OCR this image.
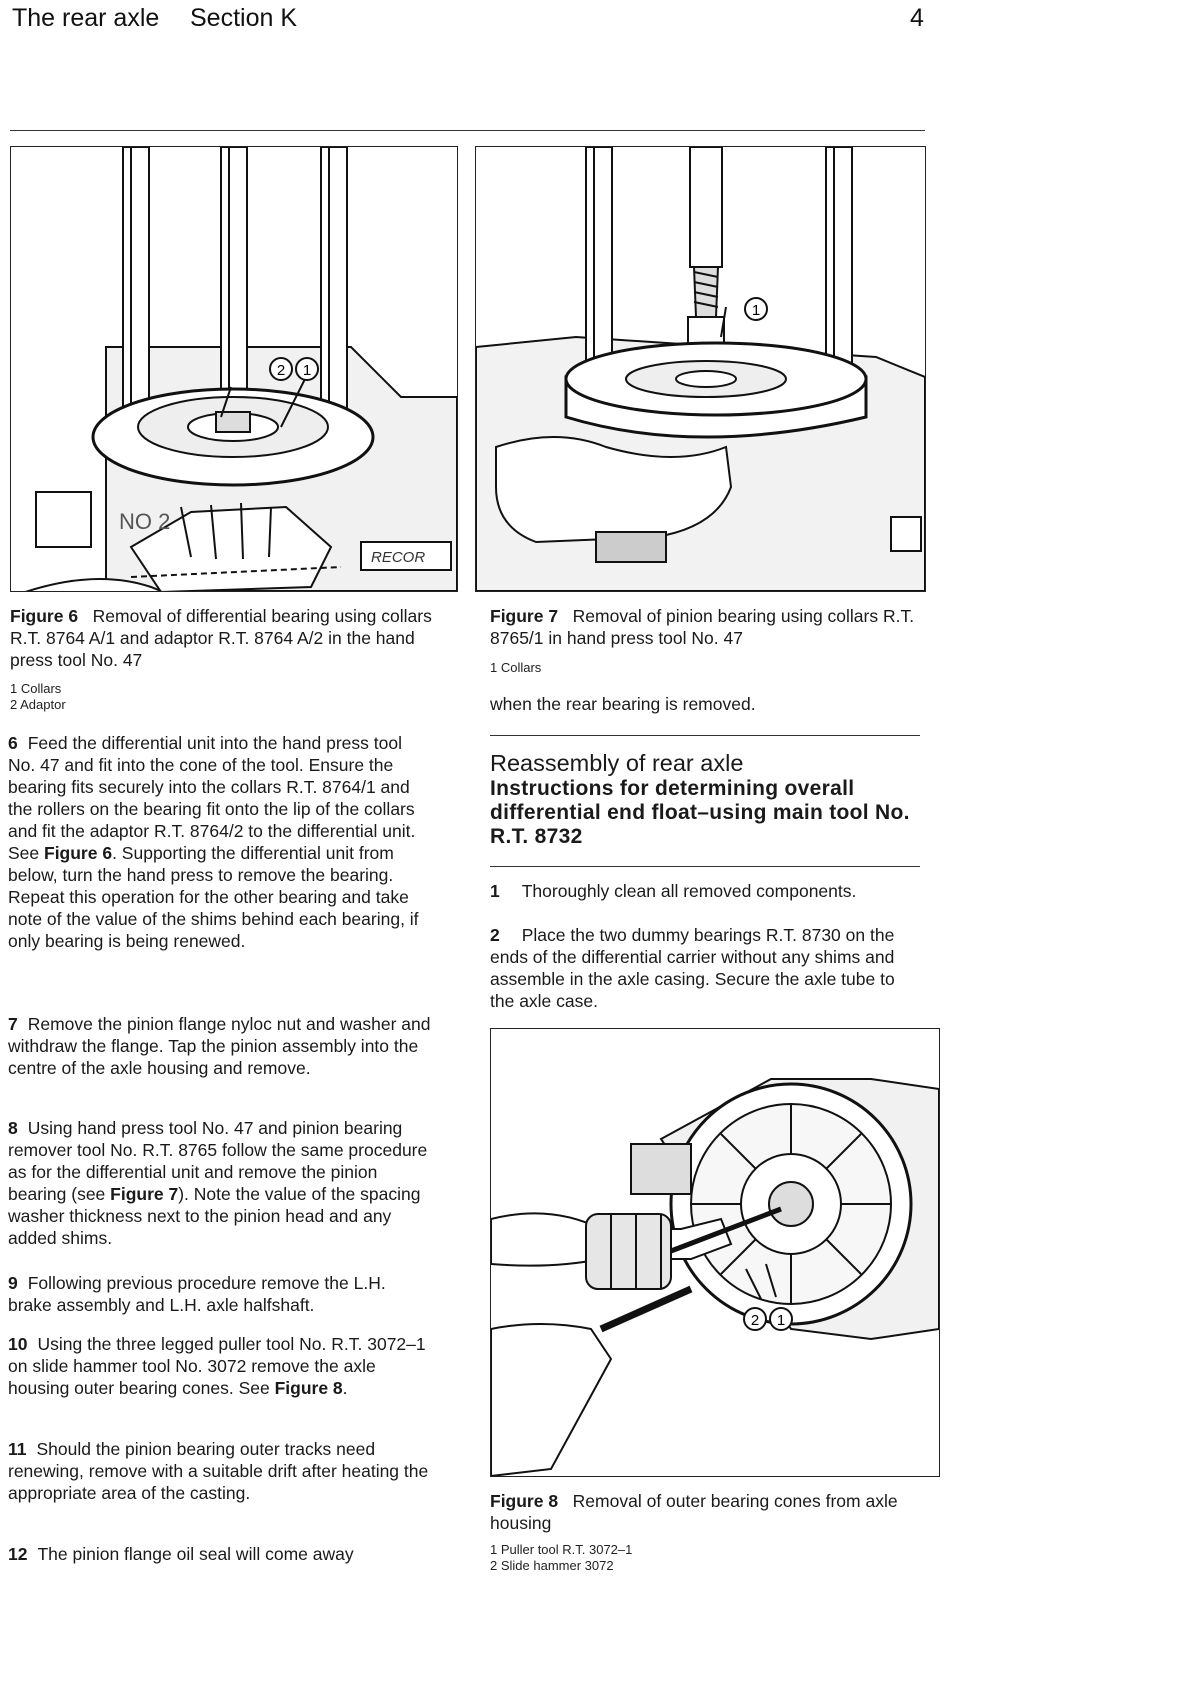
The rear axle Section K	4
2 1
NO 2
RECOR
1
Figure 6 Removal of differential bearing using collars R.T. 8764 A/1 and adaptor R.T. 8764 A/2 in the hand press tool No. 47
1 Collars
2 Adaptor
Figure 7 Removal of pinion bearing using collars R.T. 8765/1 in hand press tool No. 47
1 Collars

6 Feed the differential unit into the hand press tool No. 47 and fit into the cone of the tool. Ensure the bearing fits securely into the collars R.T. 8764/1 and the rollers on the bearing fit onto the lip of the collars and fit the adaptor R.T. 8764/2 to the differential unit. See Figure 6. Supporting the differential unit from below, turn the hand press to remove the bearing. Repeat this operation for the other bearing and take note of the value of the shims behind each bearing, if only bearing is being renewed.

7 Remove the pinion flange nyloc nut and washer and withdraw the flange. Tap the pinion assembly into the centre of the axle housing and remove.

8 Using hand press tool No. 47 and pinion bearing remover tool No. R.T. 8765 follow the same procedure as for the differential unit and remove the pinion bearing (see Figure 7). Note the value of the spacing washer thickness next to the pinion head and any added shims.

9 Following previous procedure remove the L.H. brake assembly and L.H. axle halfshaft.

10 Using the three legged puller tool No. R.T. 3072–1 on slide hammer tool No. 3072 remove the axle housing outer bearing cones. See Figure 8.

11 Should the pinion bearing outer tracks need renewing, remove with a suitable drift after heating the appropriate area of the casting.

12 The pinion flange oil seal will come away

when the rear bearing is removed.

Reassembly of rear axle
Instructions for determining overall differential end float–using main tool No. R.T. 8732

1 Thoroughly clean all removed components.

2 Place the two dummy bearings R.T. 8730 on the ends of the differential carrier without any shims and assemble in the axle casing. Secure the axle tube to the axle case.

2 1
Figure 8 Removal of outer bearing cones from axle housing
1 Puller tool R.T. 3072–1
2 Slide hammer 3072
